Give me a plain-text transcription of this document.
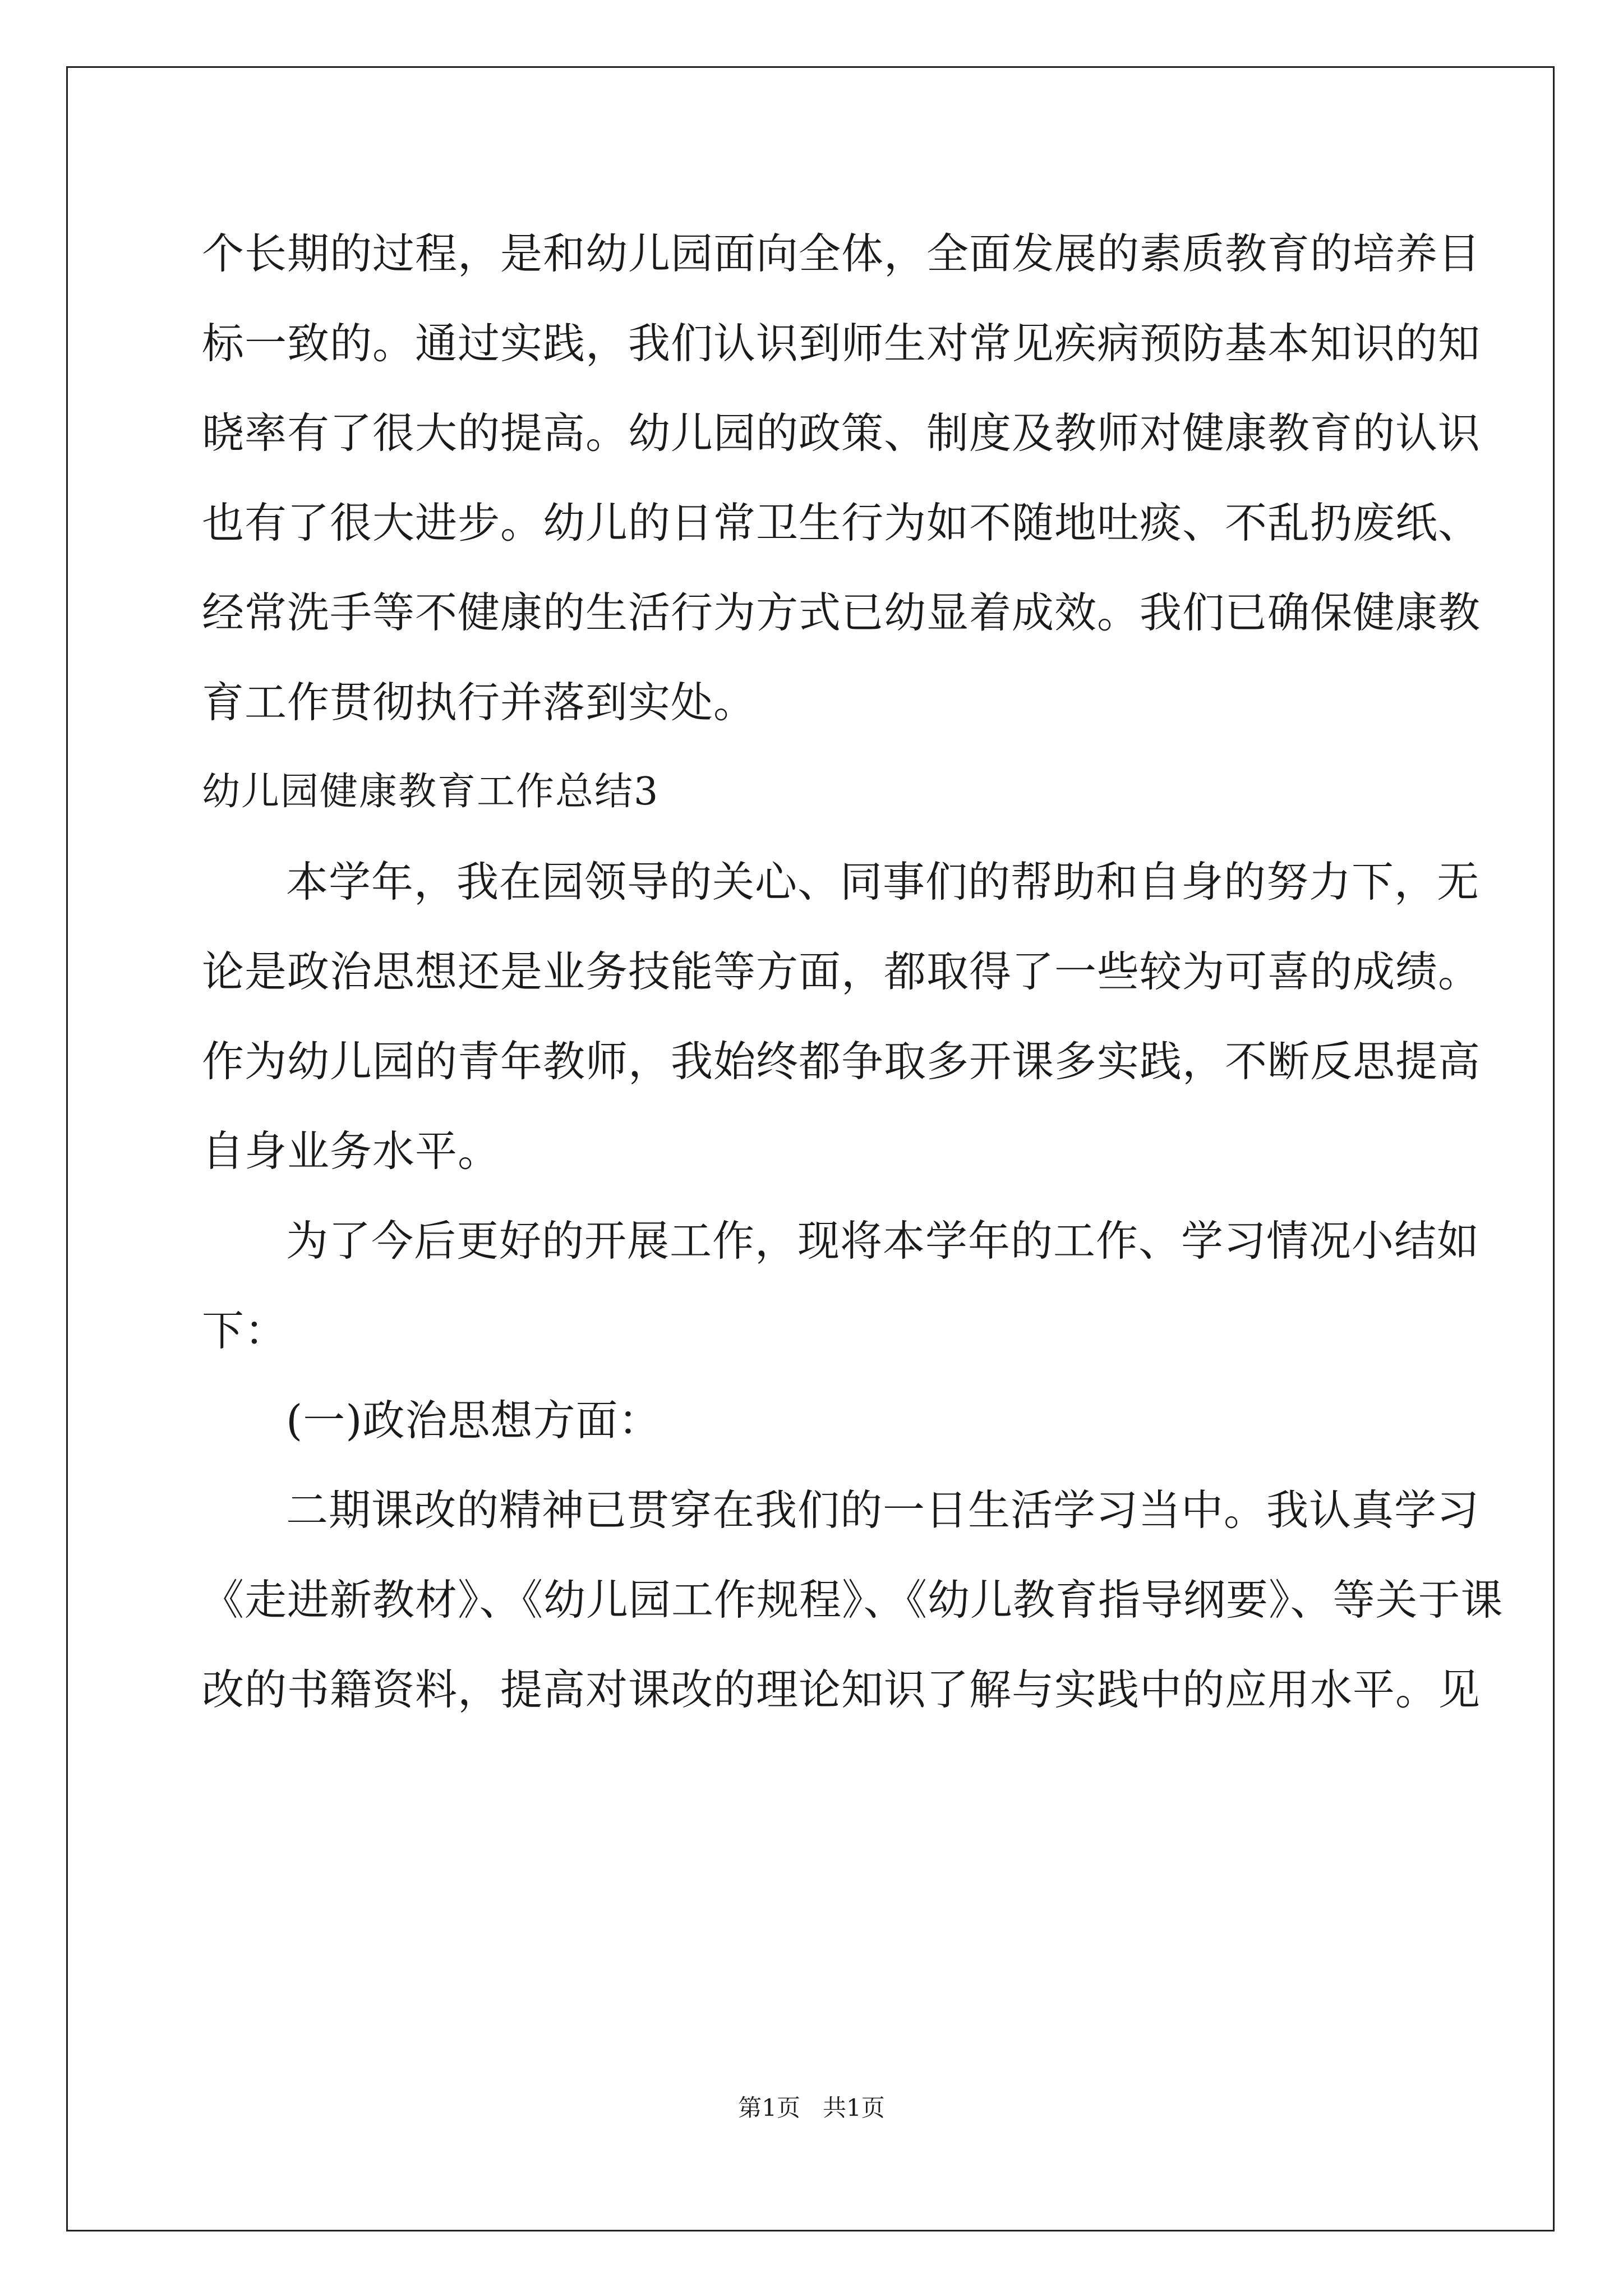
个长期的过程，是和幼儿园面向全体，全面发展的素质教育的培养目
标一致的。通过实践，我们认识到师生对常见疾病预防基本知识的知
晓率有了很大的提高。幼儿园的政策、制度及教师对健康教育的认识
也有了很大进步。幼儿的日常卫生行为如不随地吐痰、不乱扔废纸、
经常洗手等不健康的生活行为方式已幼显着成效。我们已确保健康教
育工作贯彻执行并落到实处。
幼儿园健康教育工作总结3
本学年，我在园领导的关心、同事们的帮助和自身的努力下，无
论是政治思想还是业务技能等方面，都取得了一些较为可喜的成绩。
作为幼儿园的青年教师，我始终都争取多开课多实践，不断反思提高
自身业务水平。
为了今后更好的开展工作，现将本学年的工作、学习情况小结如
下：
(一)政治思想方面：
二期课改的精神已贯穿在我们的一日生活学习当中。我认真学习
《走进新教材》、《幼儿园工作规程》、《幼儿教育指导纲要》、等关于课
改的书籍资料，提高对课改的理论知识了解与实践中的应用水平。见
第1页   共1页
